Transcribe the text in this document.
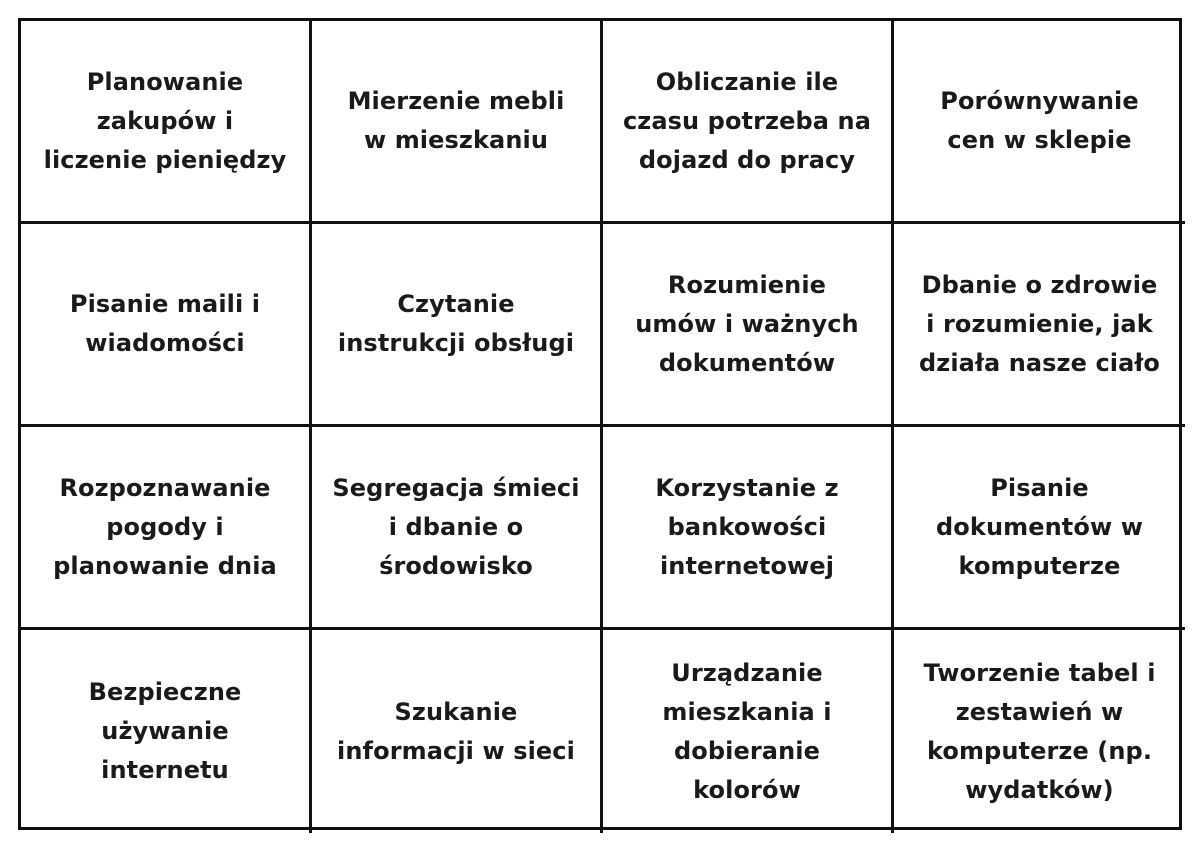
Planowanie
zakupów i
liczenie pieniędzy
Mierzenie mebli
w mieszkaniu
Obliczanie ile
czasu potrzeba na
dojazd do pracy
Porównywanie
cen w sklepie
Pisanie maili i
wiadomości
Czytanie
instrukcji obsługi
Rozumienie
umów i ważnych
dokumentów
Dbanie o zdrowie
i rozumienie, jak
działa nasze ciało
Rozpoznawanie
pogody i
planowanie dnia
Segregacja śmieci
i dbanie o
środowisko
Korzystanie z
bankowości
internetowej
Pisanie
dokumentów w
komputerze
Bezpieczne
używanie
internetu
Szukanie
informacji w sieci
Urządzanie
mieszkania i
dobieranie
kolorów
Tworzenie tabel i
zestawień w
komputerze (np.
wydatków)
